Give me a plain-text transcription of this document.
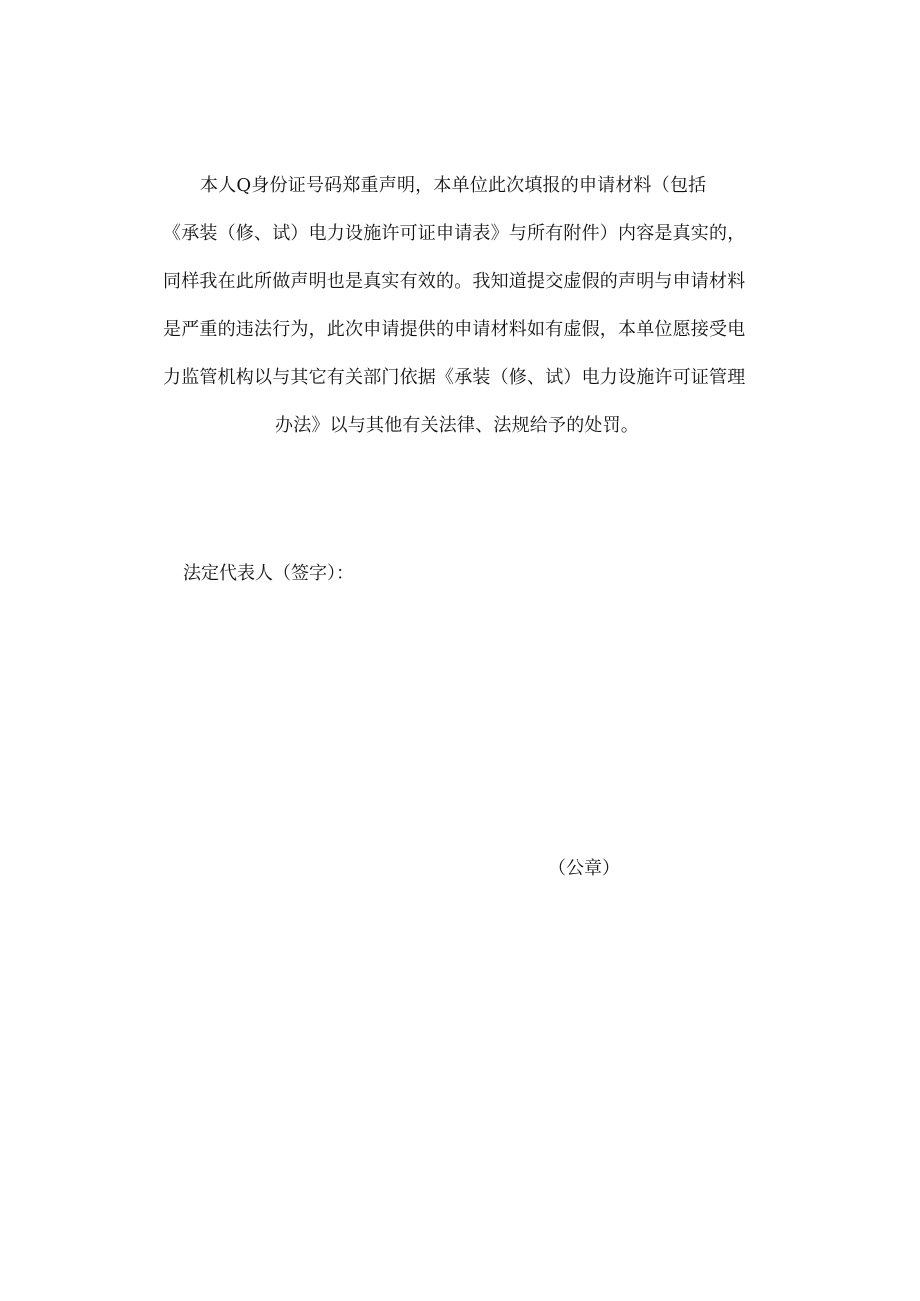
本人Q身份证号码郑重声明，本单位此次填报的申请材料（包括
《承装（修、试）电力设施许可证申请表》与所有附件）内容是真实的，
同样我在此所做声明也是真实有效的。我知道提交虚假的声明与申请材料
是严重的违法行为，此次申请提供的申请材料如有虚假，本单位愿接受电
力监管机构以与其它有关部门依据《承装（修、试）电力设施许可证管理
办法》以与其他有关法律、法规给予的处罚。
法定代表人（签字）：
（公章）
